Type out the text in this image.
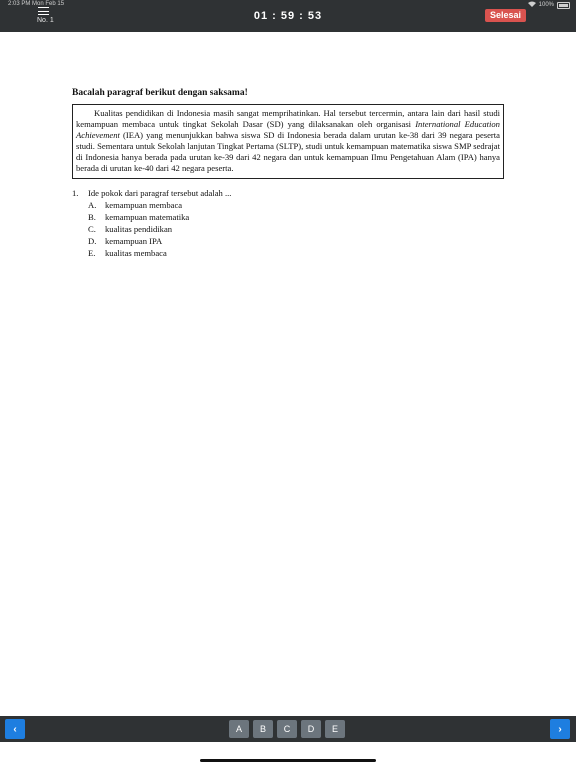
2:03 PM Mon Feb 15	100%
No. 1	01 : 59 : 53	Selesai

Bacalah paragraf berikut dengan saksama!

Kualitas pendidikan di Indonesia masih sangat memprihatinkan. Hal tersebut tercermin, antara lain dari hasil studi kemampuan membaca untuk tingkat Sekolah Dasar (SD) yang dilaksanakan oleh organisasi International Education Achievement (IEA) yang menunjukkan bahwa siswa SD di Indonesia berada dalam urutan ke-38 dari 39 negara peserta studi. Sementara untuk Sekolah lanjutan Tingkat Pertama (SLTP), studi untuk kemampuan matematika siswa SMP sedrajat di Indonesia hanya berada pada urutan ke-39 dari 42 negara dan untuk kemampuan Ilmu Pengetahuan Alam (IPA) hanya berada di urutan ke-40 dari 42 negara peserta.
1.	Ide pokok dari paragraf tersebut adalah ...
A.	kemampuan membaca
B.	kemampuan matematika
C.	kualitas pendidikan
D.	kemampuan IPA
E.	kualitas membaca
‹	A	B	C	D	E	›
